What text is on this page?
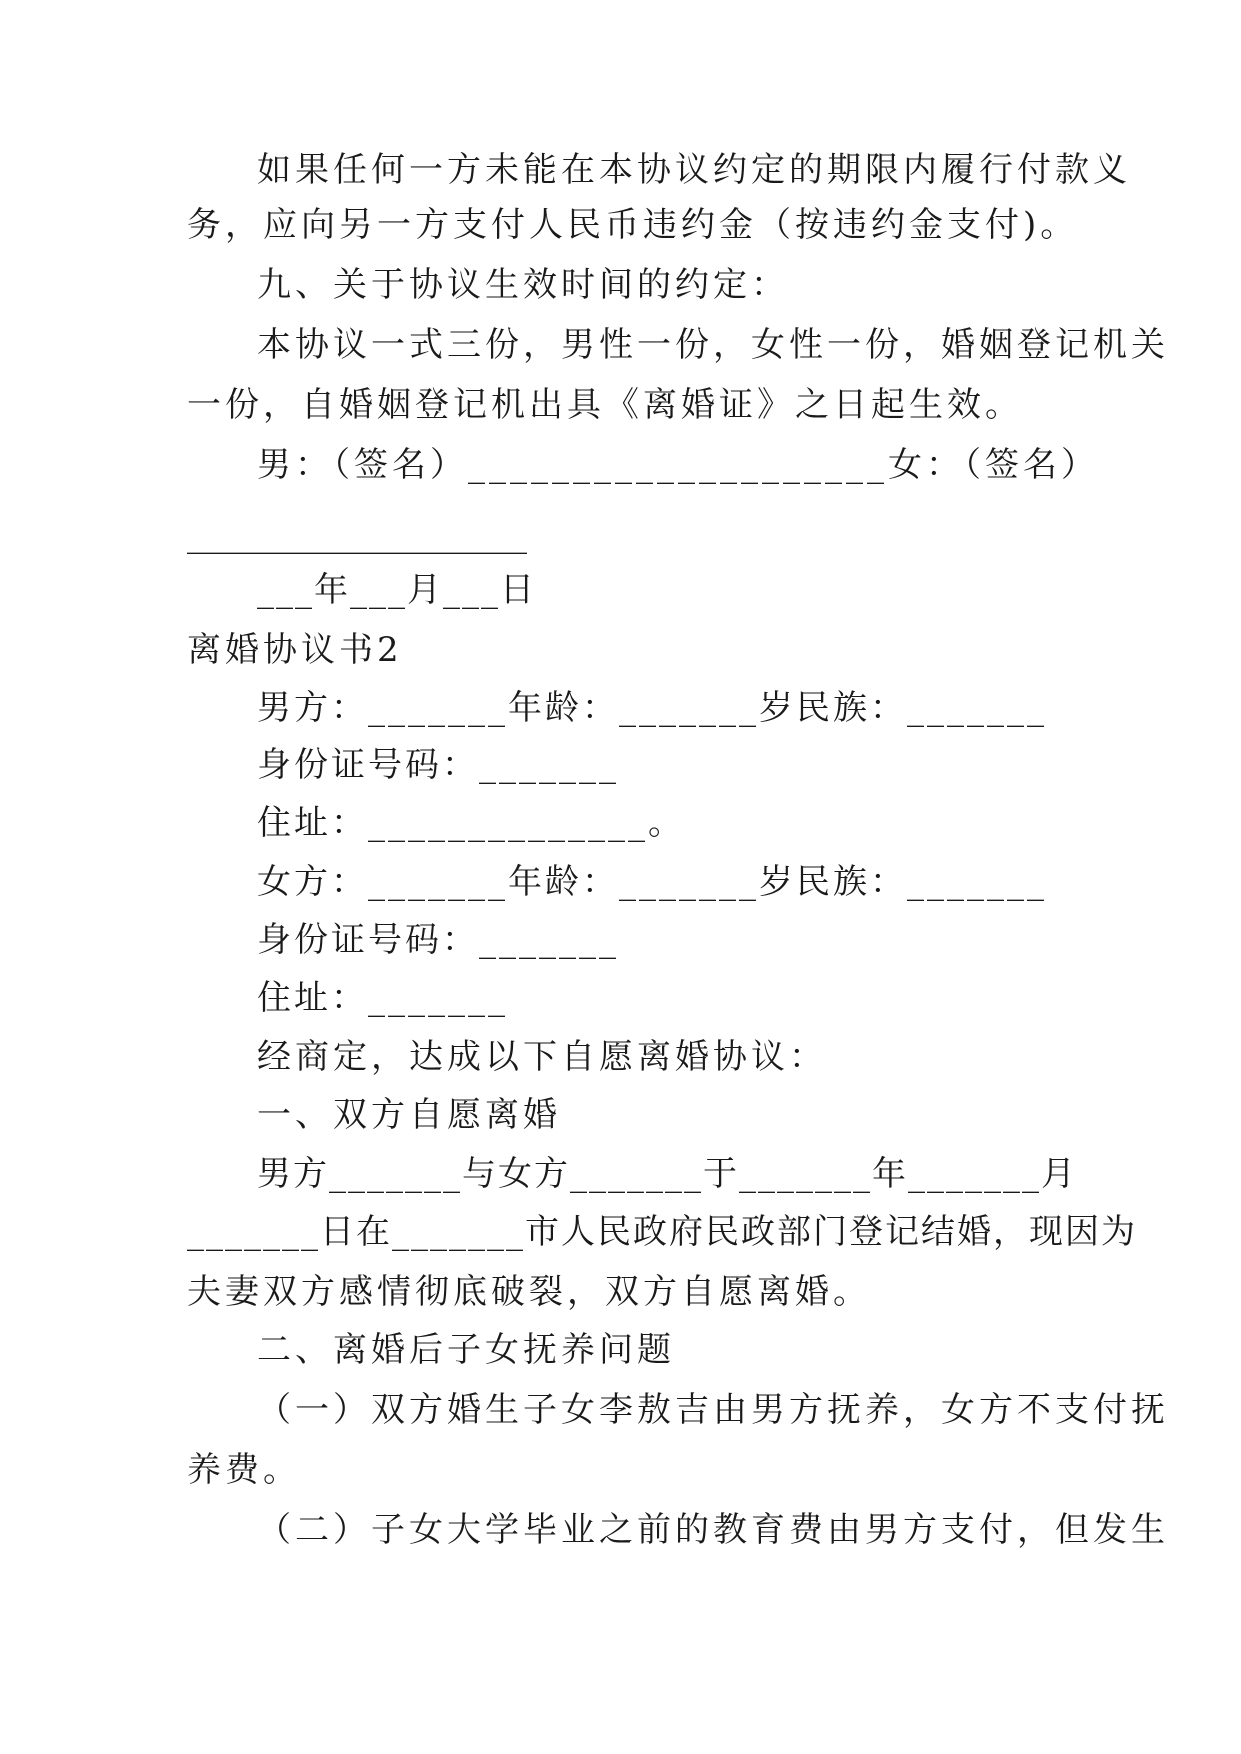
如果任何一方未能在本协议约定的期限内履行付款义

务，应向另一方支付人民币违约金（按违约金支付)。

九、关于协议生效时间的约定：

本协议一式三份，男性一份，女性一份，婚姻登记机关

一份，自婚姻登记机出具《离婚证》之日起生效。

男：（签名）____________________女：（签名）

____________________

___年___月___日

离婚协议书2

男方：_______年龄：_______岁民族：_______

身份证号码：_______

住址：______________。

女方：_______年龄：_______岁民族：_______

身份证号码：_______

住址：_______

经商定，达成以下自愿离婚协议：

一、双方自愿离婚

男方_______与女方_______于_______年_______月

_______日在_______市人民政府民政部门登记结婚，现因为

夫妻双方感情彻底破裂，双方自愿离婚。

二、离婚后子女抚养问题

（一）双方婚生子女李敖吉由男方抚养，女方不支付抚

养费。

（二）子女大学毕业之前的教育费由男方支付，但发生
